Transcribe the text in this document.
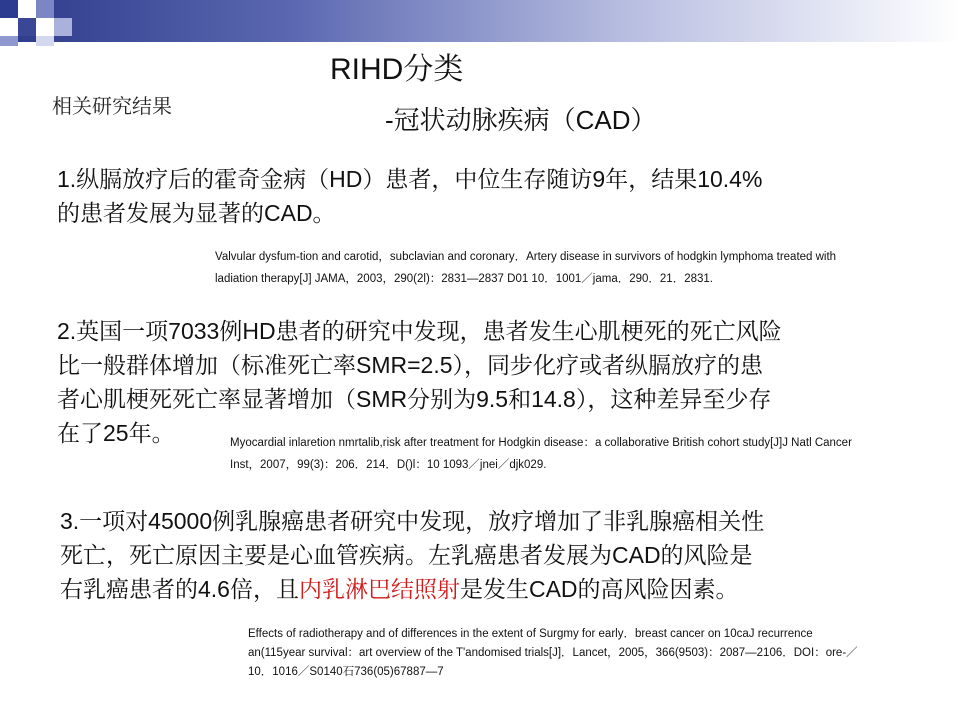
RIHD分类
相关研究结果	-冠状动脉疾病（CAD）
1.纵膈放疗后的霍奇金病（HD）患者，中位生存随访9年，结果10.4%
的患者发展为显著的CAD。
Valvular dysfum-tion and carotid，subclavian and coronary．Artery disease in survivors of hodgkin lymphoma treated with
ladiation therapy[J] JAMA，2003，290(2l)：2831—2837 D01 10．1001／jama．290．21．2831.
2.英国一项7033例HD患者的研究中发现，患者发生心肌梗死的死亡风险
比一般群体增加（标准死亡率SMR=2.5），同步化疗或者纵膈放疗的患
者心肌梗死死亡率显著增加（SMR分别为9.5和14.8），这种差异至少存
在了25年。	Myocardial inlaretion nmrtalib,risk after treatment for Hodgkin disease：a collaborative British cohort study[J]J Natl Cancer
Inst，2007，99(3)：206．214．D()l：10 1093／jnei／djk029.
3.一项对45000例乳腺癌患者研究中发现，放疗增加了非乳腺癌相关性
死亡，死亡原因主要是心血管疾病。左乳癌患者发展为CAD的风险是
右乳癌患者的4.6倍，且内乳淋巴结照射是发生CAD的高风险因素。
Effects of radiotherapy and of differences in the extent of Surgmy for early．breast cancer on 10caJ recurrence
an(115year survival：art overview of the T'andomised trials[J]．Lancet，2005，366(9503)：2087—2106．DOI：ore-／
10．1016／S0140石736(05)67887—7
